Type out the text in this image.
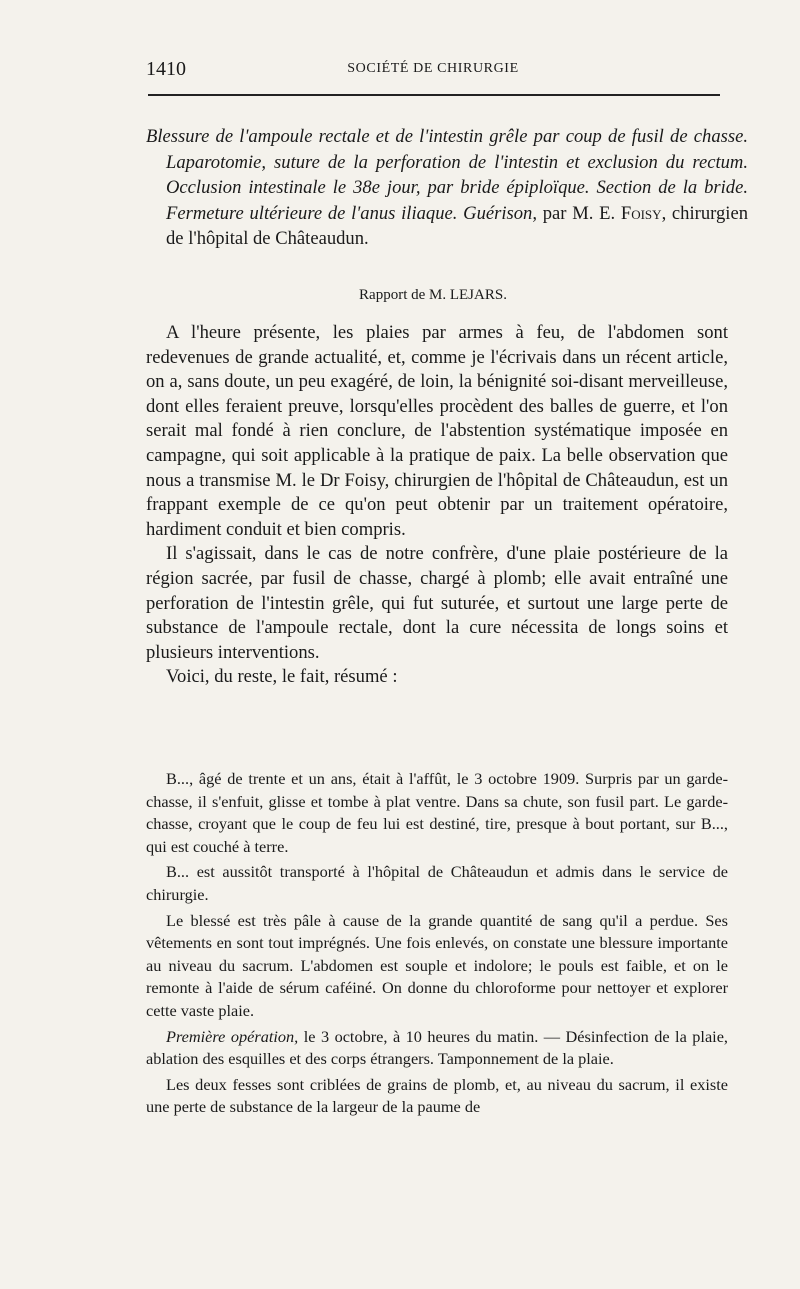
1410	SOCIÉTÉ DE CHIRURGIE

Blessure de l'ampoule rectale et de l'intestin grêle par coup de fusil de chasse. Laparotomie, suture de la perforation de l'intestin et exclusion du rectum. Occlusion intestinale le 38e jour, par bride épiploïque. Section de la bride. Fermeture ultérieure de l'anus iliaque. Guérison, par M. E. Foisy, chirurgien de l'hôpital de Châteaudun.

Rapport de M. LEJARS.

A l'heure présente, les plaies par armes à feu, de l'abdomen sont redevenues de grande actualité, et, comme je l'écrivais dans un récent article, on a, sans doute, un peu exagéré, de loin, la bénignité soi-disant merveilleuse, dont elles feraient preuve, lorsqu'elles procèdent des balles de guerre, et l'on serait mal fondé à rien conclure, de l'abstention systématique imposée en campagne, qui soit applicable à la pratique de paix. La belle observation que nous a transmise M. le Dr Foisy, chirurgien de l'hôpital de Châteaudun, est un frappant exemple de ce qu'on peut obtenir par un traitement opératoire, hardiment conduit et bien compris.

Il s'agissait, dans le cas de notre confrère, d'une plaie postérieure de la région sacrée, par fusil de chasse, chargé à plomb; elle avait entraîné une perforation de l'intestin grêle, qui fut suturée, et surtout une large perte de substance de l'ampoule rectale, dont la cure nécessita de longs soins et plusieurs interventions.

Voici, du reste, le fait, résumé :

B..., âgé de trente et un ans, était à l'affût, le 3 octobre 1909. Surpris par un garde-chasse, il s'enfuit, glisse et tombe à plat ventre. Dans sa chute, son fusil part. Le garde-chasse, croyant que le coup de feu lui est destiné, tire, presque à bout portant, sur B..., qui est couché à terre.

B... est aussitôt transporté à l'hôpital de Châteaudun et admis dans le service de chirurgie.

Le blessé est très pâle à cause de la grande quantité de sang qu'il a perdue. Ses vêtements en sont tout imprégnés. Une fois enlevés, on constate une blessure importante au niveau du sacrum. L'abdomen est souple et indolore; le pouls est faible, et on le remonte à l'aide de sérum caféiné. On donne du chloroforme pour nettoyer et explorer cette vaste plaie.

Première opération, le 3 octobre, à 10 heures du matin. — Désinfection de la plaie, ablation des esquilles et des corps étrangers. Tamponnement de la plaie.

Les deux fesses sont criblées de grains de plomb, et, au niveau du sacrum, il existe une perte de substance de la largeur de la paume de
